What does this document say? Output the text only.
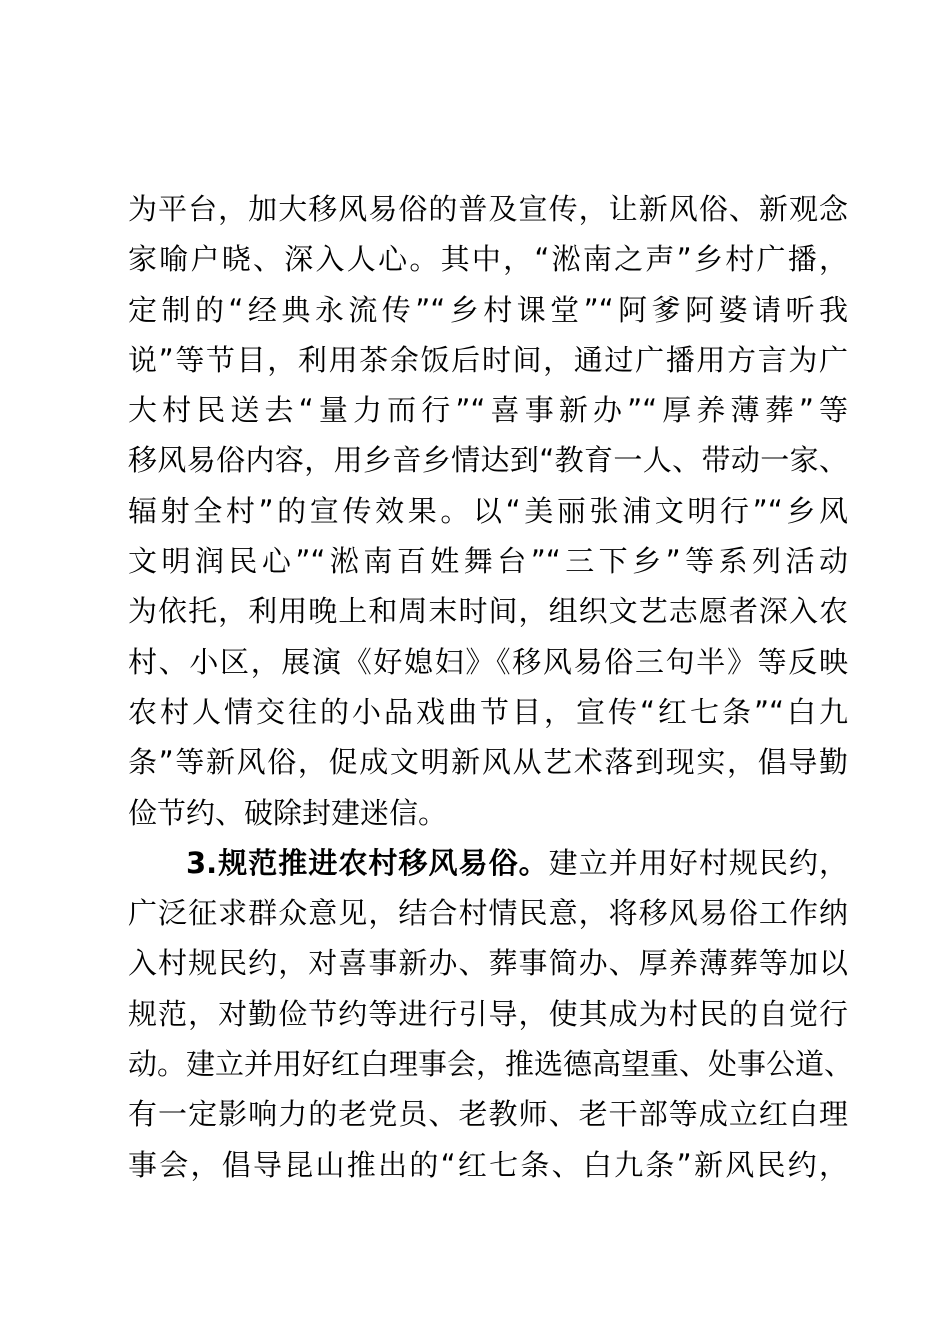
为平台，加大移风易俗的普及宣传，让新风俗、新观念
家喻户晓、深入人心。其中，“淞南之声”乡村广播，
定制的“经典永流传”“乡村课堂”“阿爹阿婆请听我
说”等节目，利用茶余饭后时间，通过广播用方言为广
大村民送去“量力而行”“喜事新办”“厚养薄葬”等
移风易俗内容，用乡音乡情达到“教育一人、带动一家、
辐射全村”的宣传效果。以“美丽张浦文明行”“乡风
文明润民心”“淞南百姓舞台”“三下乡”等系列活动
为依托，利用晚上和周末时间，组织文艺志愿者深入农
村、小区，展演《好媳妇》《移风易俗三句半》等反映
农村人情交往的小品戏曲节目，宣传“红七条”“白九
条”等新风俗，促成文明新风从艺术落到现实，倡导勤
俭节约、破除封建迷信。
3.规范推进农村移风易俗。建立并用好村规民约，
广泛征求群众意见，结合村情民意，将移风易俗工作纳
入村规民约，对喜事新办、葬事简办、厚养薄葬等加以
规范，对勤俭节约等进行引导，使其成为村民的自觉行
动。建立并用好红白理事会，推选德高望重、处事公道、
有一定影响力的老党员、老教师、老干部等成立红白理
事会，倡导昆山推出的“红七条、白九条”新风民约，
